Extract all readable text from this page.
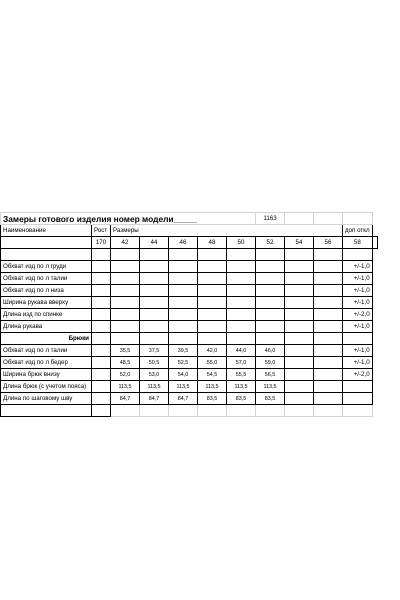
Замеры готового изделия номер модели_____							1163				
Наименование	Рост	Размеры								доп откл	
	170	42	44	46	48	50	52	54	56	58	

Обхват изд по л груди										+/-1,0	
Обхват изд по л талии										+/-1,0	
Обхват изд по л низа										+/-1,0	
Ширина рукава вверху										+/-1,0	
Длина изд по спинке										+/-2,0	
Длина рукава										+/-1,0	
Брюки											
Обхват изд по л талии		35,5	37,5	39,5	42,0	44,0	46,0			+/-1,0	
Обхват изд по л бедер		48,5	50,5	52,5	55,0	57,0	59,0			+/-1,0	
Ширина брюк внизу		52,0	53,0	54,0	54,5	55,5	56,5			+/-2,0	
Длина брюк (с учетом пояса)		113,5	113,5	113,5	113,5	113,5	113,5				
Длина по шаговому шву		84,7	84,7	84,7	83,5	83,5	83,5				
